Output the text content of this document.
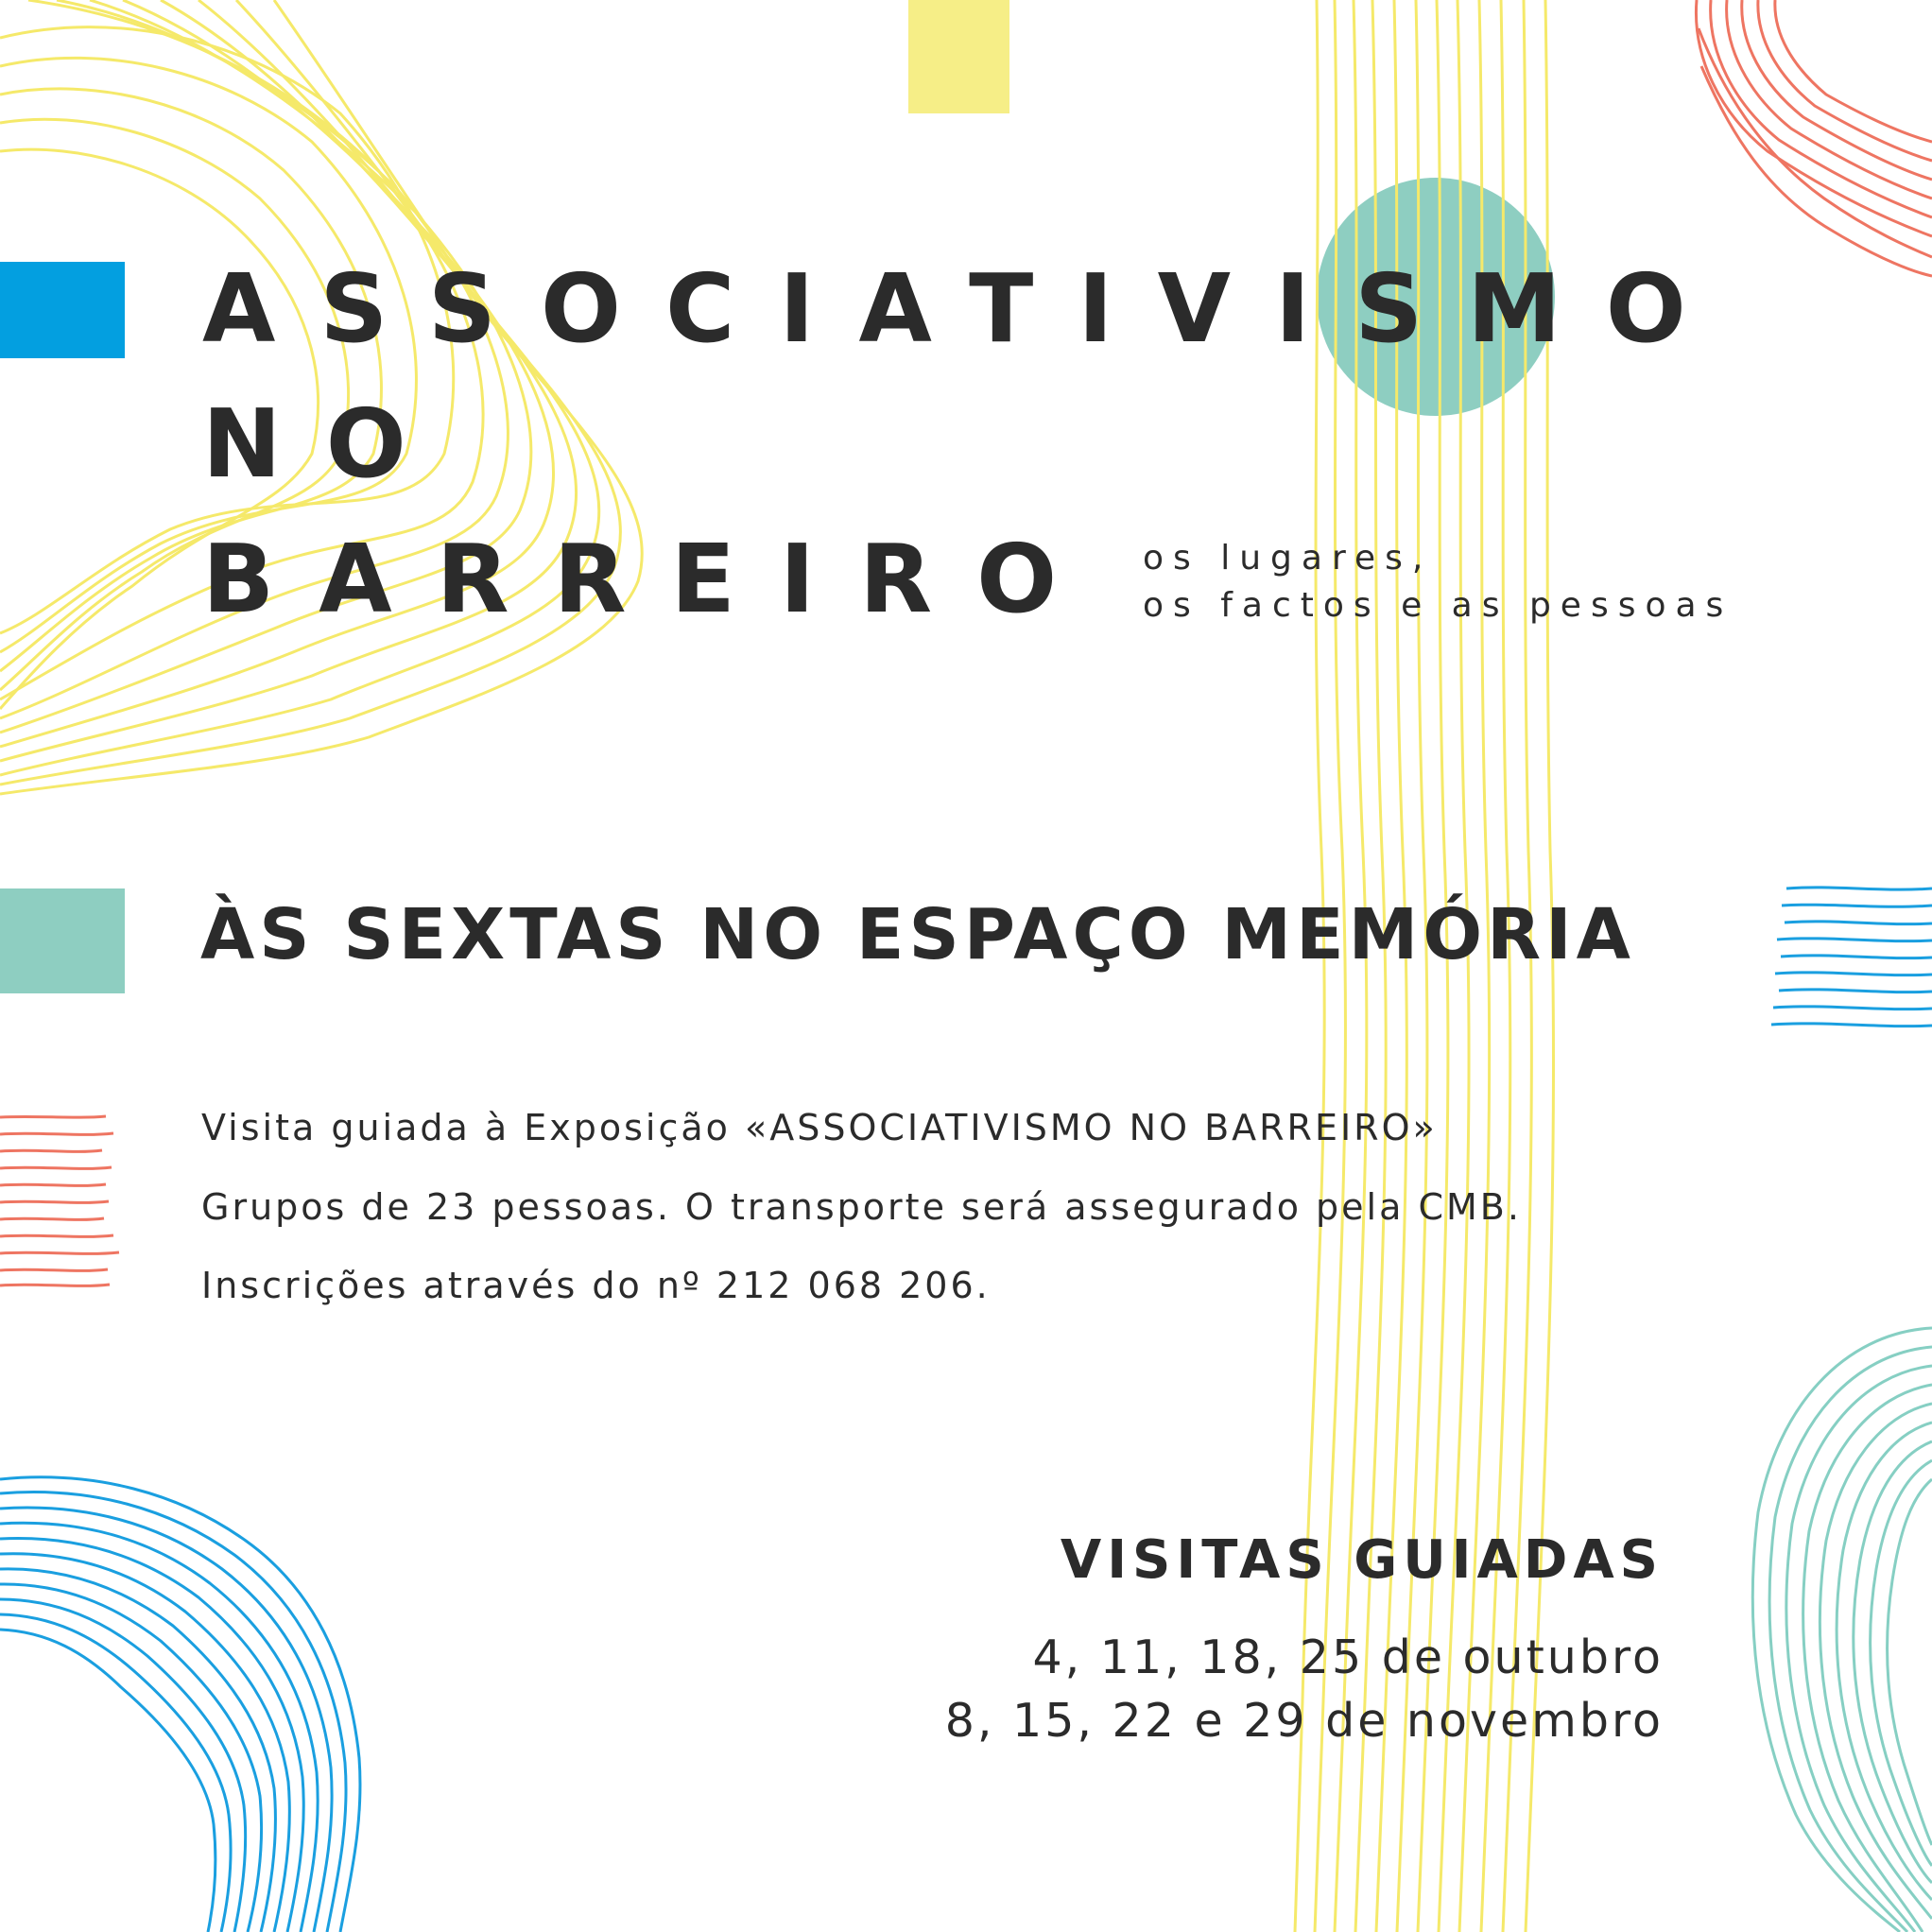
ASSOCIATIVISMO
NO
BARREIRO os lugares,
os factos e as pessoas
ÀS SEXTAS NO ESPAÇO MEMÓRIA
Visita guiada à Exposição «ASSOCIATIVISMO NO BARREIRO»
Grupos de 23 pessoas. O transporte será assegurado pela CMB.
Inscrições através do nº 212 068 206.
VISITAS GUIADAS
4, 11, 18, 25 de outubro
8, 15, 22 e 29 de novembro
